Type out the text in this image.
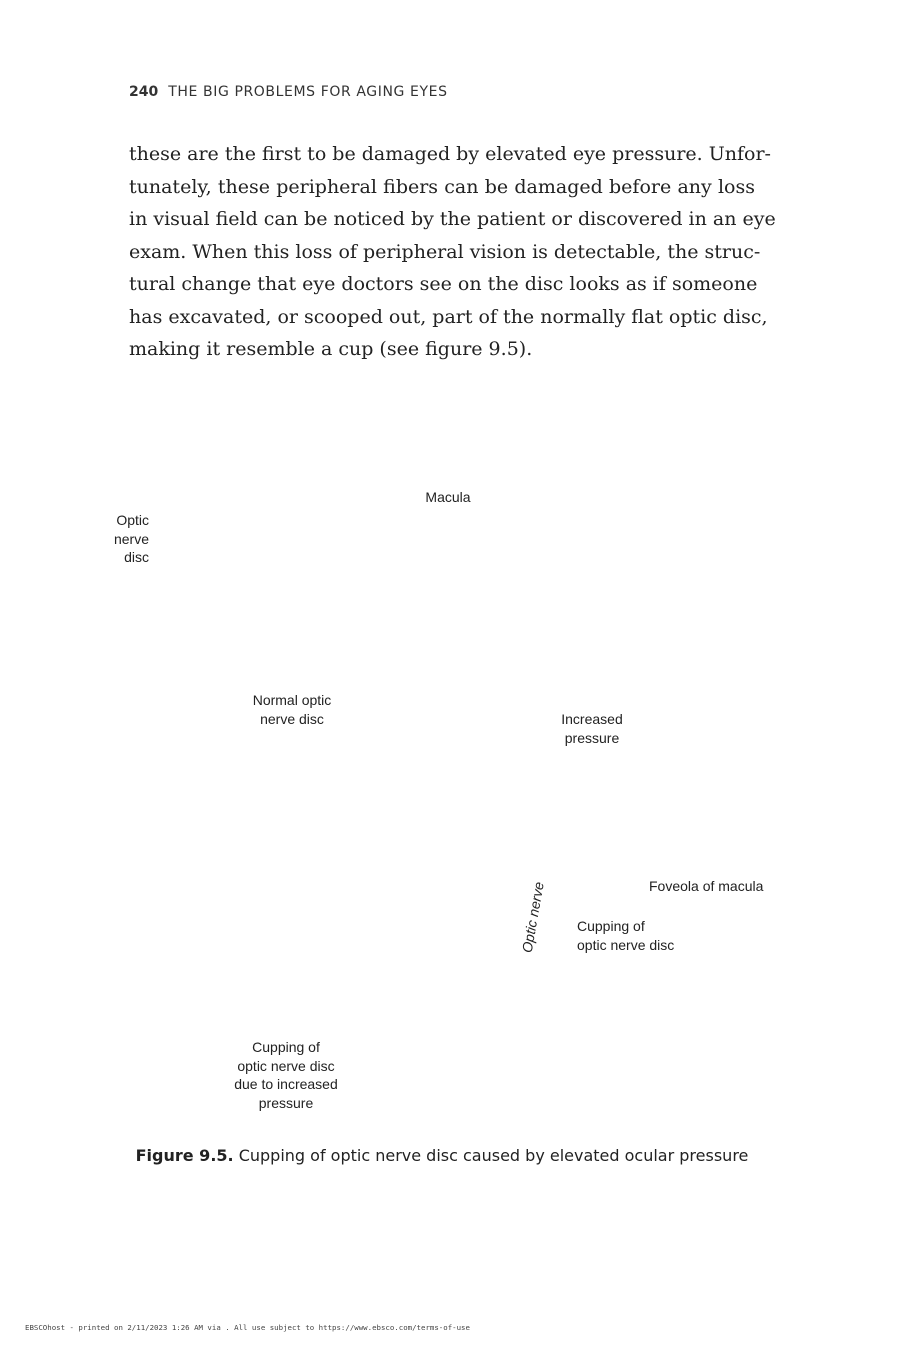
240 THE BIG PROBLEMS FOR AGING EYES
these are the first to be damaged by elevated eye pressure. Unfor-
tunately, these peripheral fibers can be damaged before any loss
in visual field can be noticed by the patient or discovered in an eye
exam. When this loss of peripheral vision is detectable, the struc-
tural change that eye doctors see on the disc looks as if someone
has excavated, or scooped out, part of the normally flat optic disc,
making it resemble a cup (see figure 9.5).
Macula
Optic
nerve
disc
Normal optic
nerve disc	Increased
pressure
Foveola of macula
Optic nerve	Cupping of
optic nerve disc
Cupping of
optic nerve disc
due to increased
pressure
Figure 9.5. Cupping of optic nerve disc caused by elevated ocular pressure
EBSCOhost - printed on 2/11/2023 1:26 AM via . All use subject to https://www.ebsco.com/terms-of-use
